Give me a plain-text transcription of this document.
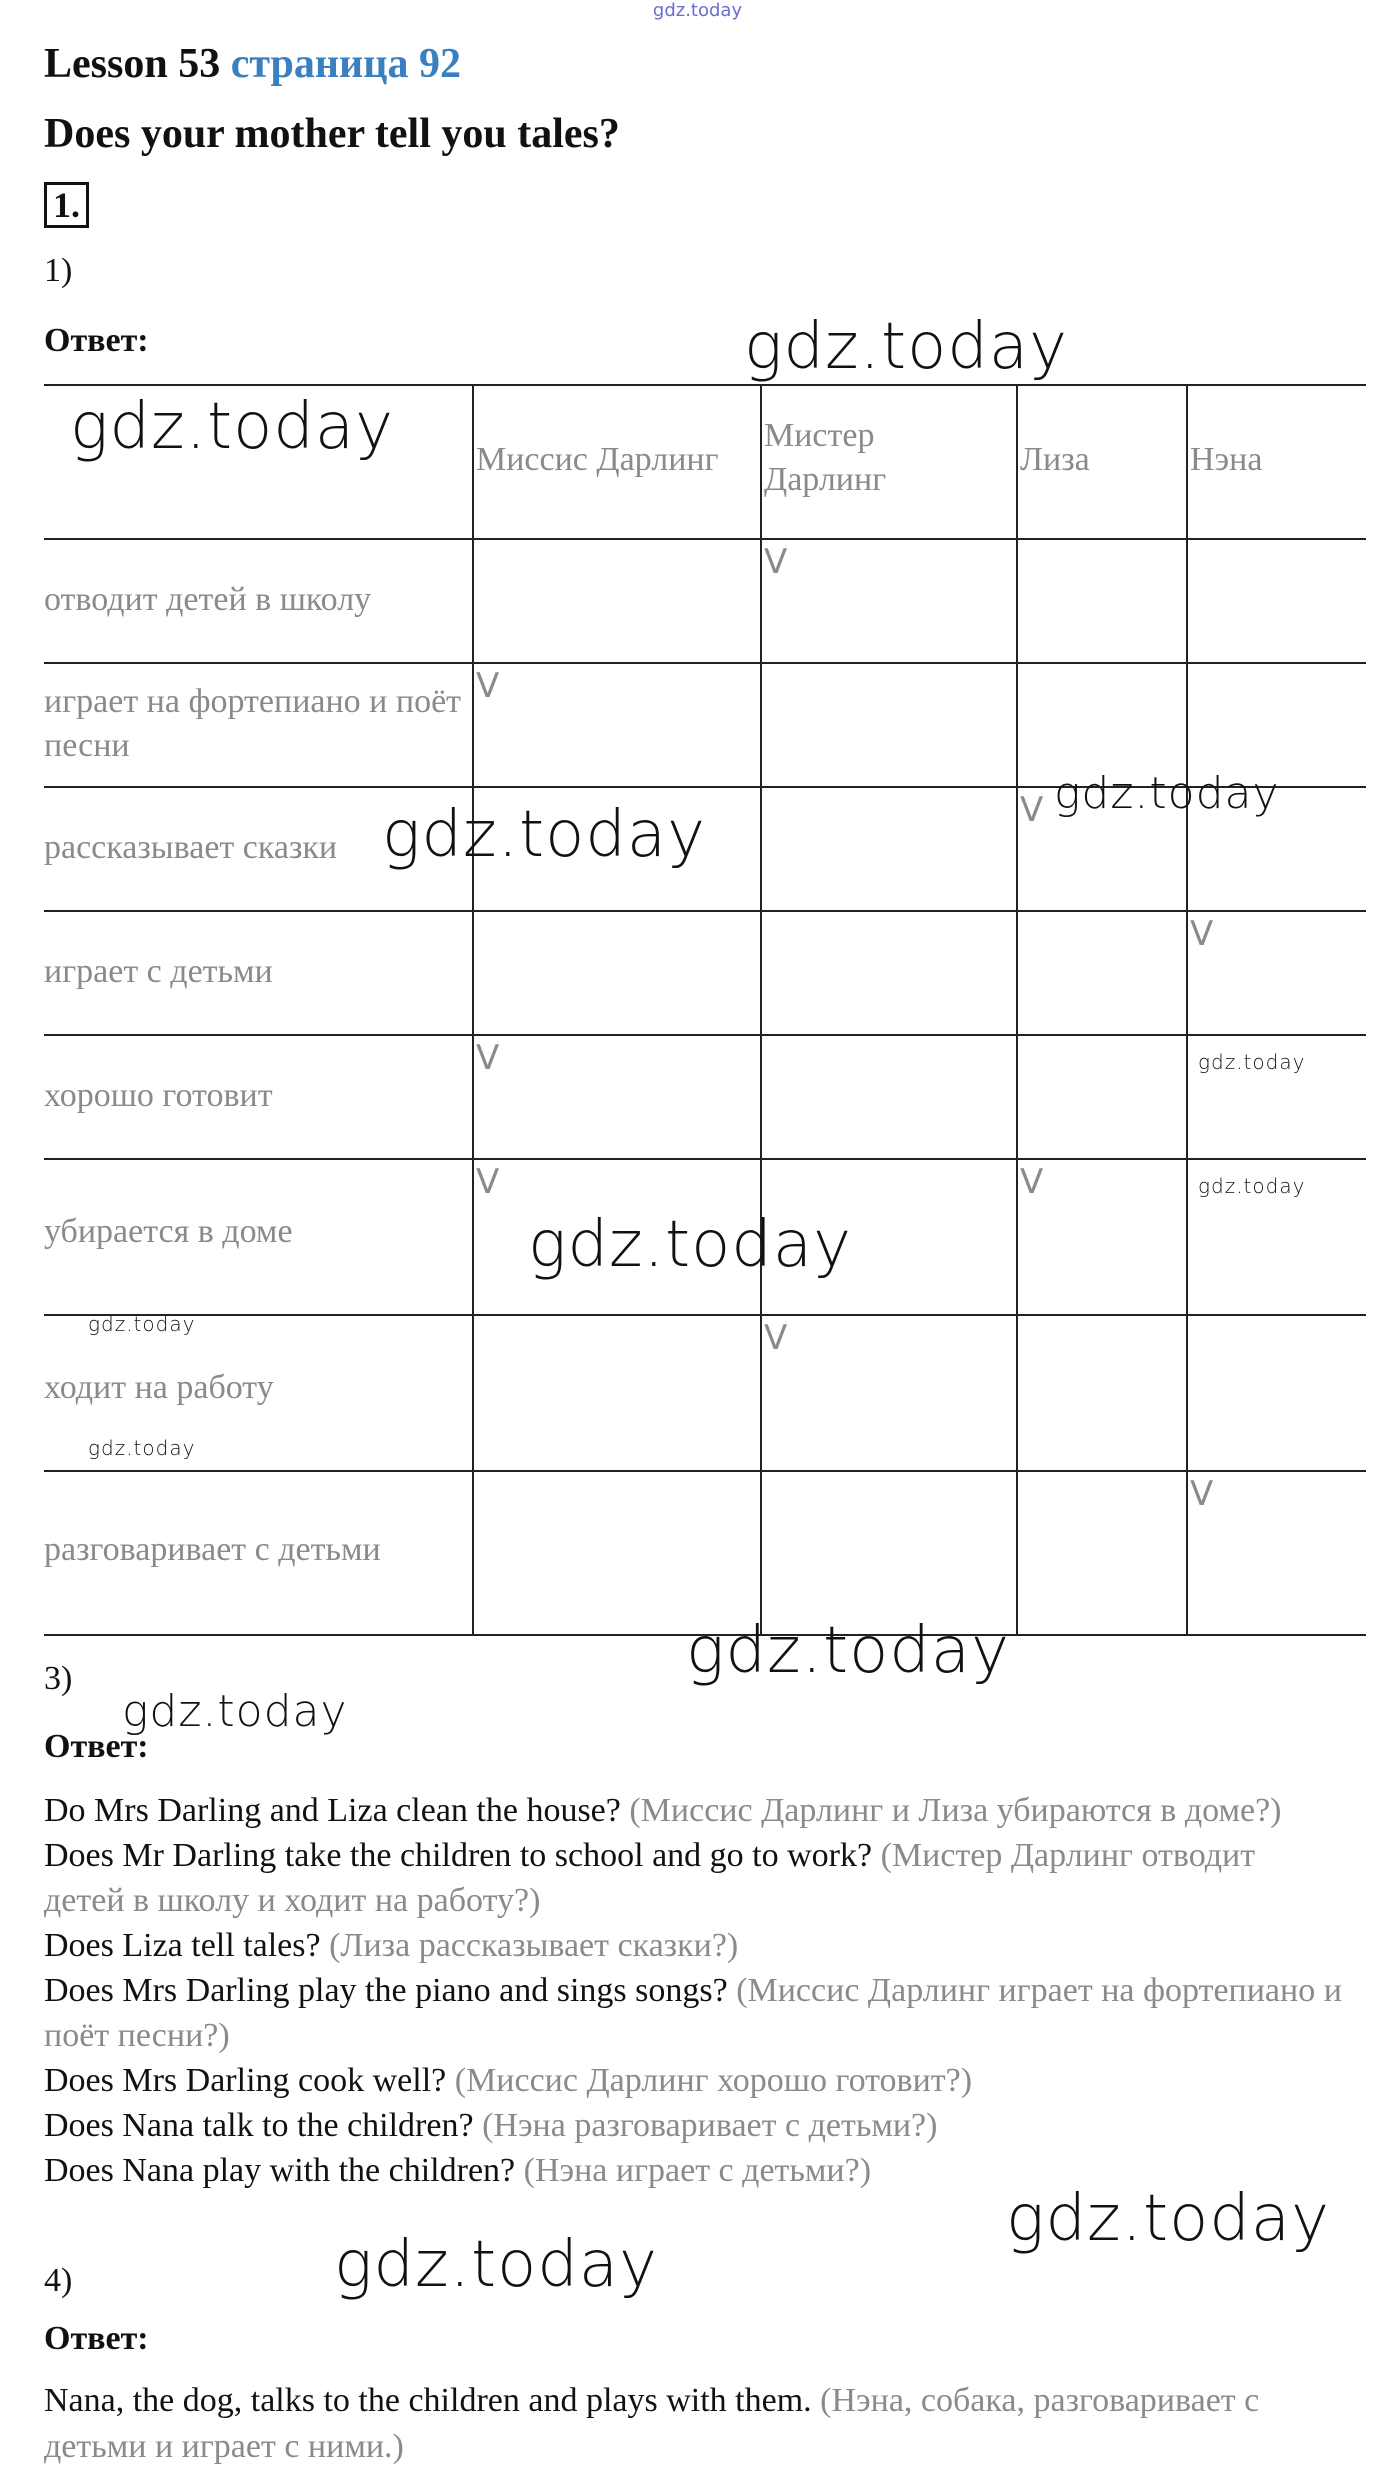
gdz.today
Lesson 53 страница 92
Does your mother tell you tales?
1.
1)
Ответ:
Миссис Дарлинг
Мистер Дарлинг
Лиза	Нэна
отводит детей в школу
играет на фортепиано и поёт песни
рассказывает сказки
играет с детьми
хорошо готовит
убирается в доме
ходит на работу
разговаривает с детьми
V
V
V
V
V
V	V
V
V
gdz.today
gdz.today
gdz.today
gdz.today
gdz.today
gdz.today
gdz.today
gdz.today
gdz.today
gdz.today
gdz.today
gdz.today
gdz.today
3)
Ответ:

Do Mrs Darling and Liza clean the house? (Миссис Дарлинг и Лиза убираются в доме?)

Does Mr Darling take the children to school and go to work? (Мистер Дарлинг отводит детей в школу и ходит на работу?)

Does Liza tell tales? (Лиза рассказывает сказки?)

Does Mrs Darling play the piano and sings songs? (Миссис Дарлинг играет на фортепиано и поёт песни?)

Does Mrs Darling cook well? (Миссис Дарлинг хорошо готовит?)

Does Nana talk to the children? (Нэна разговаривает с детьми?)

Does Nana play with the children? (Нэна играет с детьми?)

4)
Ответ:
Nana, the dog, talks to the children and plays with them. (Нэна, собака, разговаривает с детьми и играет с ними.)
